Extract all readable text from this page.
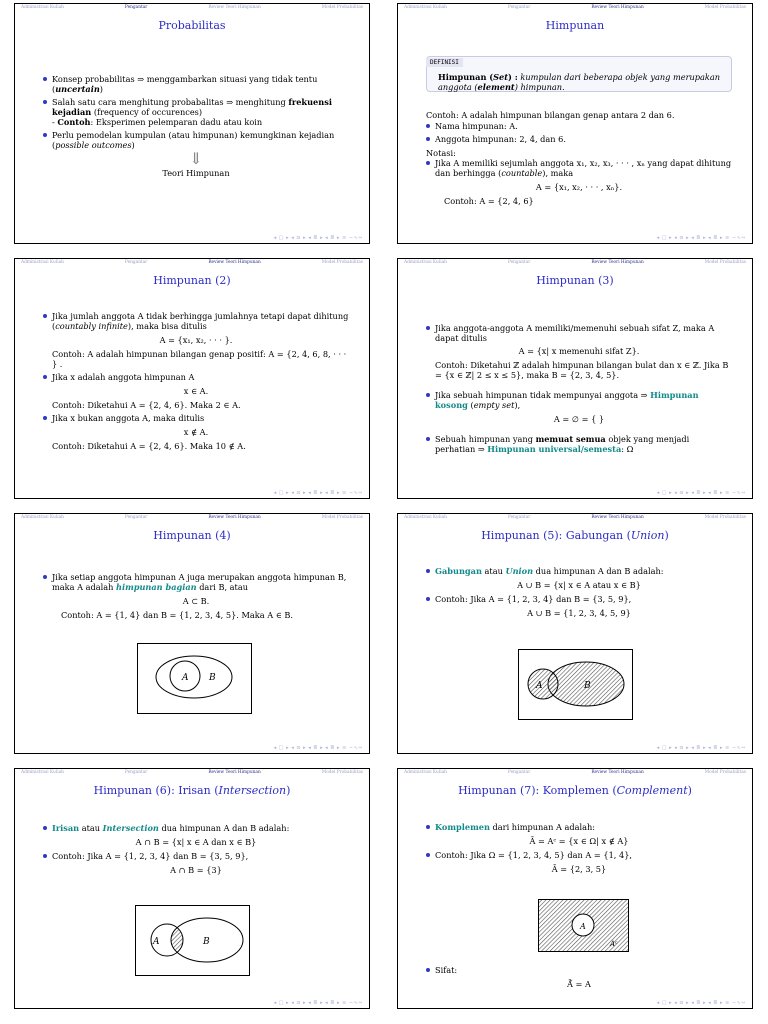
Administrasi Kuliah	Pengantar	Review Teori Himpunan	Model Probabilitas
Probabilitas
Konsep probabilitas ⇒ menggambarkan situasi yang tidak tentu (uncertain)
Salah satu cara menghitung probabalitas ⇒ menghitung frekuensi kejadian (frequency of occurences)
- Contoh: Eksperimen pelemparan dadu atau koin
Perlu pemodelan kumpulan (atau himpunan) kemungkinan kejadian (possible outcomes)
⇓
Teori Himpunan
◂ □ ▸ ◂ ⊡ ▸ ◂ ≣ ▸ ◂ ≣ ▸ ≡ ∽∿∾
Administrasi Kuliah	Pengantar	Review Teori Himpunan	Model Probabilitas
Himpunan
DEFINISI
Himpunan (Set) : kumpulan dari beberapa objek yang merupakan anggota (element) himpunan.
Contoh: A adalah himpunan bilangan genap antara 2 dan 6.
Nama himpunan: A.
Anggota himpunan: 2, 4, dan 6.
Notasi:
Jika A memiliki sejumlah anggota x₁, x₂, x₃, · · · , xₙ yang dapat dihitung dan berhingga (countable), maka
A = {x₁, x₂, · · · , xₙ}.
Contoh: A = {2, 4, 6}
◂ □ ▸ ◂ ⊡ ▸ ◂ ≣ ▸ ◂ ≣ ▸ ≡ ∽∿∾
Administrasi Kuliah	Pengantar	Review Teori Himpunan	Model Probabilitas
Himpunan (2)
Jika jumlah anggota A tidak berhingga jumlahnya tetapi dapat dihitung (countably infinite), maka bisa ditulis
A = {x₁, x₂, · · · }.
Contoh: A adalah himpunan bilangan genap positif: A = {2, 4, 6, 8, · · · } .
Jika x adalah anggota himpunan A
x ∈ A.
Contoh: Diketahui A = {2, 4, 6}. Maka 2 ∈ A.
Jika x bukan anggota A, maka ditulis
x ∉ A.
Contoh: Diketahui A = {2, 4, 6}. Maka 10 ∉ A.
◂ □ ▸ ◂ ⊡ ▸ ◂ ≣ ▸ ◂ ≣ ▸ ≡ ∽∿∾
Administrasi Kuliah	Pengantar	Review Teori Himpunan	Model Probabilitas
Himpunan (3)
Jika anggota-anggota A memiliki/memenuhi sebuah sifat Z, maka A dapat ditulis
A = {x| x memenuhi sifat Z}.
Contoh: Diketahui ℤ adalah himpunan bilangan bulat dan x ∈ ℤ. Jika B = {x ∈ ℤ| 2 ≤ x ≤ 5}, maka B = {2, 3, 4, 5}.
Jika sebuah himpunan tidak mempunyai anggota ⇒ Himpunan kosong (empty set),
A = ∅ = { }
Sebuah himpunan yang memuat semua objek yang menjadi perhatian ⇒ Himpunan universal/semesta: Ω
◂ □ ▸ ◂ ⊡ ▸ ◂ ≣ ▸ ◂ ≣ ▸ ≡ ∽∿∾
Administrasi Kuliah	Pengantar	Review Teori Himpunan	Model Probabilitas
Himpunan (4)
Jika setiap anggota himpunan A juga merupakan anggota himpunan B, maka A adalah himpunan bagian dari B, atau
A ⊂ B.
Contoh: A = {1, 4} dan B = {1, 2, 3, 4, 5}. Maka A ∈ B.
A B
◂ □ ▸ ◂ ⊡ ▸ ◂ ≣ ▸ ◂ ≣ ▸ ≡ ∽∿∾
Administrasi Kuliah	Pengantar	Review Teori Himpunan	Model Probabilitas
Himpunan (5): Gabungan (Union)
Gabungan atau Union dua himpunan A dan B adalah:
A ∪ B = {x| x ∈ A atau x ∈ B}
Contoh: Jika A = {1, 2, 3, 4} dan B = {3, 5, 9},
A ∪ B = {1, 2, 3, 4, 5, 9}
A	B
◂ □ ▸ ◂ ⊡ ▸ ◂ ≣ ▸ ◂ ≣ ▸ ≡ ∽∿∾
Administrasi Kuliah	Pengantar	Review Teori Himpunan	Model Probabilitas
Himpunan (6): Irisan (Intersection)
Irisan atau Intersection dua himpunan A dan B adalah:
A ∩ B = {x| x ∈ A dan x ∈ B}
Contoh: Jika A = {1, 2, 3, 4} dan B = {3, 5, 9},
A ∩ B = {3}
A	B
◂ □ ▸ ◂ ⊡ ▸ ◂ ≣ ▸ ◂ ≣ ▸ ≡ ∽∿∾
Administrasi Kuliah	Pengantar	Review Teori Himpunan	Model Probabilitas
Himpunan (7): Komplemen (Complement)
Komplemen dari himpunan A adalah:
Ā = Aᶜ = {x ∈ Ω| x ∉ A}
Contoh: Jika Ω = {1, 2, 3, 4, 5} dan A = {1, 4},
Ā = {2, 3, 5}
A
Aᶜ
Sifat:
Ā̄ = A
◂ □ ▸ ◂ ⊡ ▸ ◂ ≣ ▸ ◂ ≣ ▸ ≡ ∽∿∾
